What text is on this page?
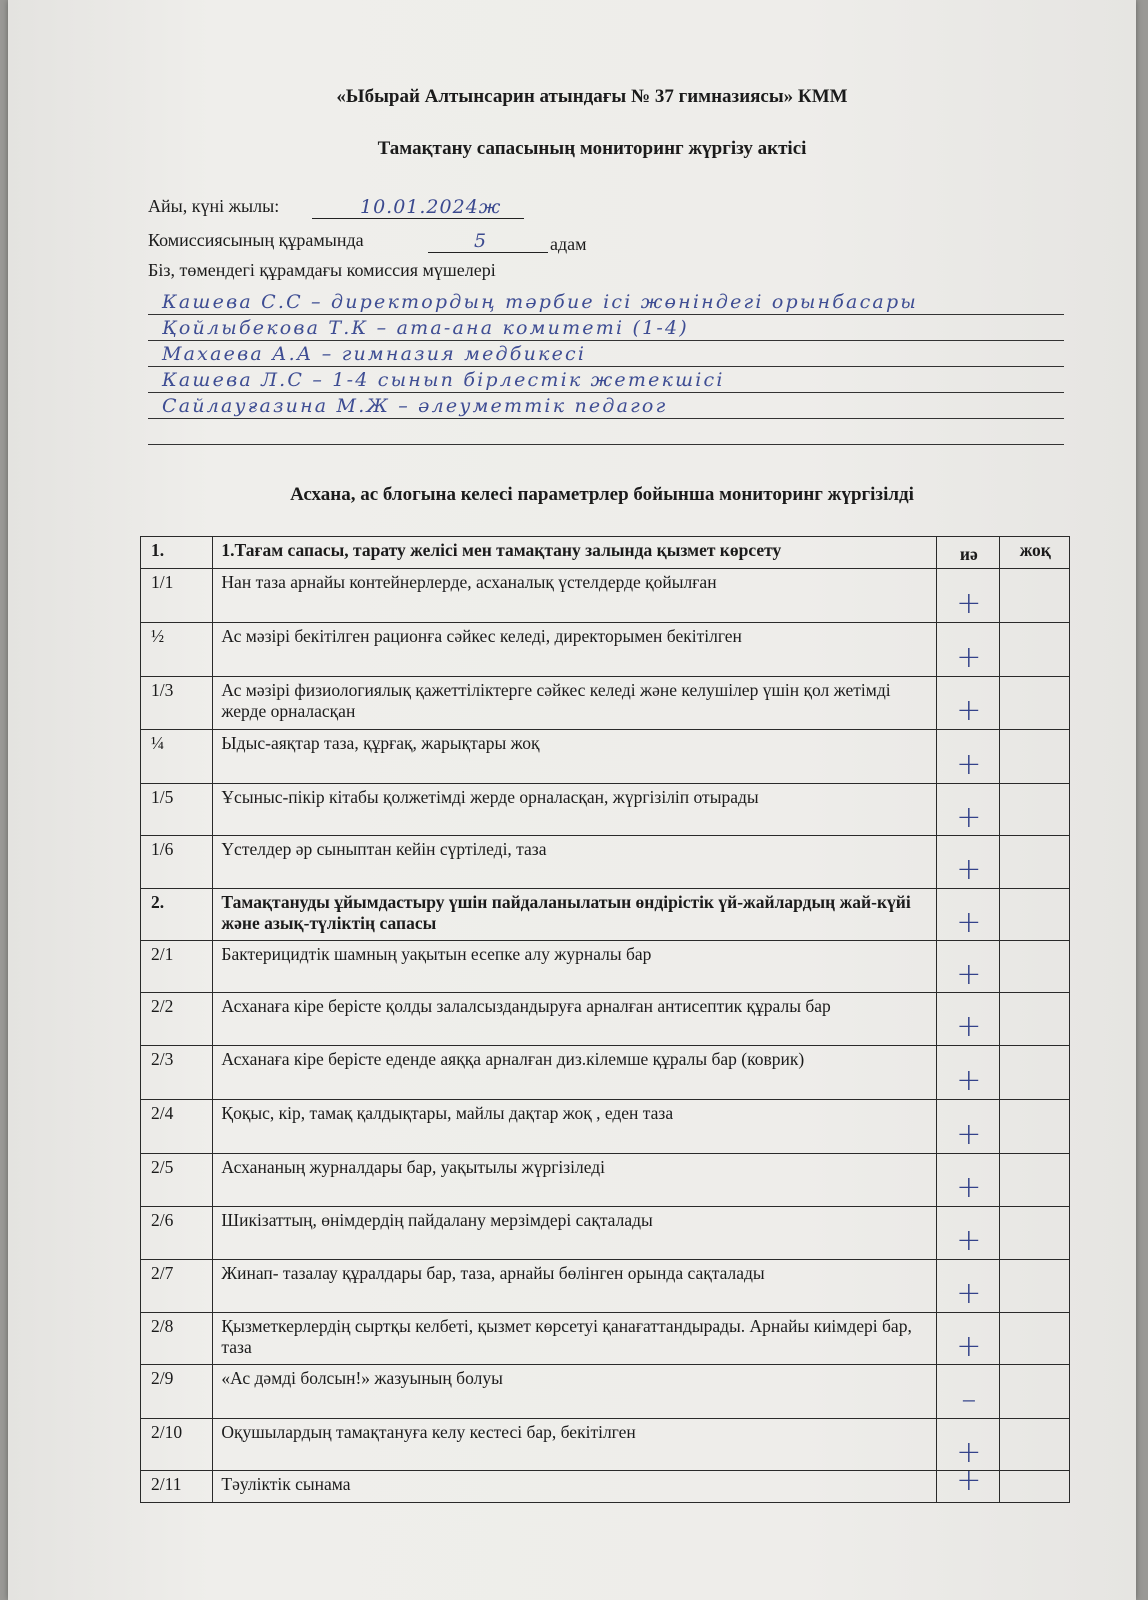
«Ыбырай Алтынсарин атындағы № 37 гимназиясы» КММ
Тамақтану сапасының мониторинг жүргізу актісі
Айы, күні жылы:	10.01.2024ж
Комиссиясының құрамында	5	адам
Біз, төмендегі құрамдағы комиссия мүшелері
Кашева С.С – директордың тәрбие ісі жөніндегі орынбасары
Қойлыбекова Т.К – ата-ана комитеті (1-4)
Махаева А.А – гимназия медбикесі
Кашева Л.С – 1-4 сынып бірлестік жетекшісі
Сайлауғазина М.Ж – әлеуметтік педагог
Асхана, ас блогына келесі параметрлер бойынша мониторинг жүргізілді
1.	1.Тағам сапасы, тарату желісі мен тамақтану залында қызмет көрсету	иә	жоқ
1/1	Нан таза арнайы контейнерлерде, асханалық үстелдерде қойылған	+	
½	Ас мәзірі бекітілген рационға сәйкес келеді, директорымен бекітілген	+	
1/3	Ас мәзірі физиологиялық қажеттіліктерге сәйкес келеді және келушілер үшін қол жетімді жерде орналасқан	+	
¼	Ыдыс-аяқтар таза, құрғақ, жарықтары жоқ	+	
1/5	Ұсыныс-пікір кітабы қолжетімді жерде орналасқан, жүргізіліп отырады	+	
1/6	Үстелдер әр сыныптан кейін сүртіледі, таза	+	
2.	Тамақтануды ұйымдастыру үшін пайдаланылатын өндірістік үй-жайлардың жай-күйі және азық-түліктің сапасы	+	
2/1	Бактерицидтік шамның уақытын есепке алу журналы бар	+	
2/2	Асханаға кіре берісте қолды залалсыздандыруға арналған антисептик құралы бар	+	
2/3	Асханаға кіре берісте еденде аяққа арналған диз.кілемше құралы бар (коврик)	+	
2/4	Қоқыс, кір, тамақ қалдықтары, майлы дақтар жоқ , еден таза	+	
2/5	Асхананың журналдары бар, уақытылы жүргізіледі	+	
2/6	Шикізаттың, өнімдердің пайдалану мерзімдері сақталады	+	
2/7	Жинап- тазалау құралдары бар, таза, арнайы бөлінген орында сақталады	+	
2/8	Қызметкерлердің сыртқы келбеті, қызмет көрсетуі қанағаттандырады. Арнайы киімдері бар, таза	+	
2/9	«Ас дәмді болсын!» жазуының болуы	–	
2/10	Оқушылардың тамақтануға келу кестесі бар, бекітілген	+	
2/11	Тәуліктік сынама	+	
